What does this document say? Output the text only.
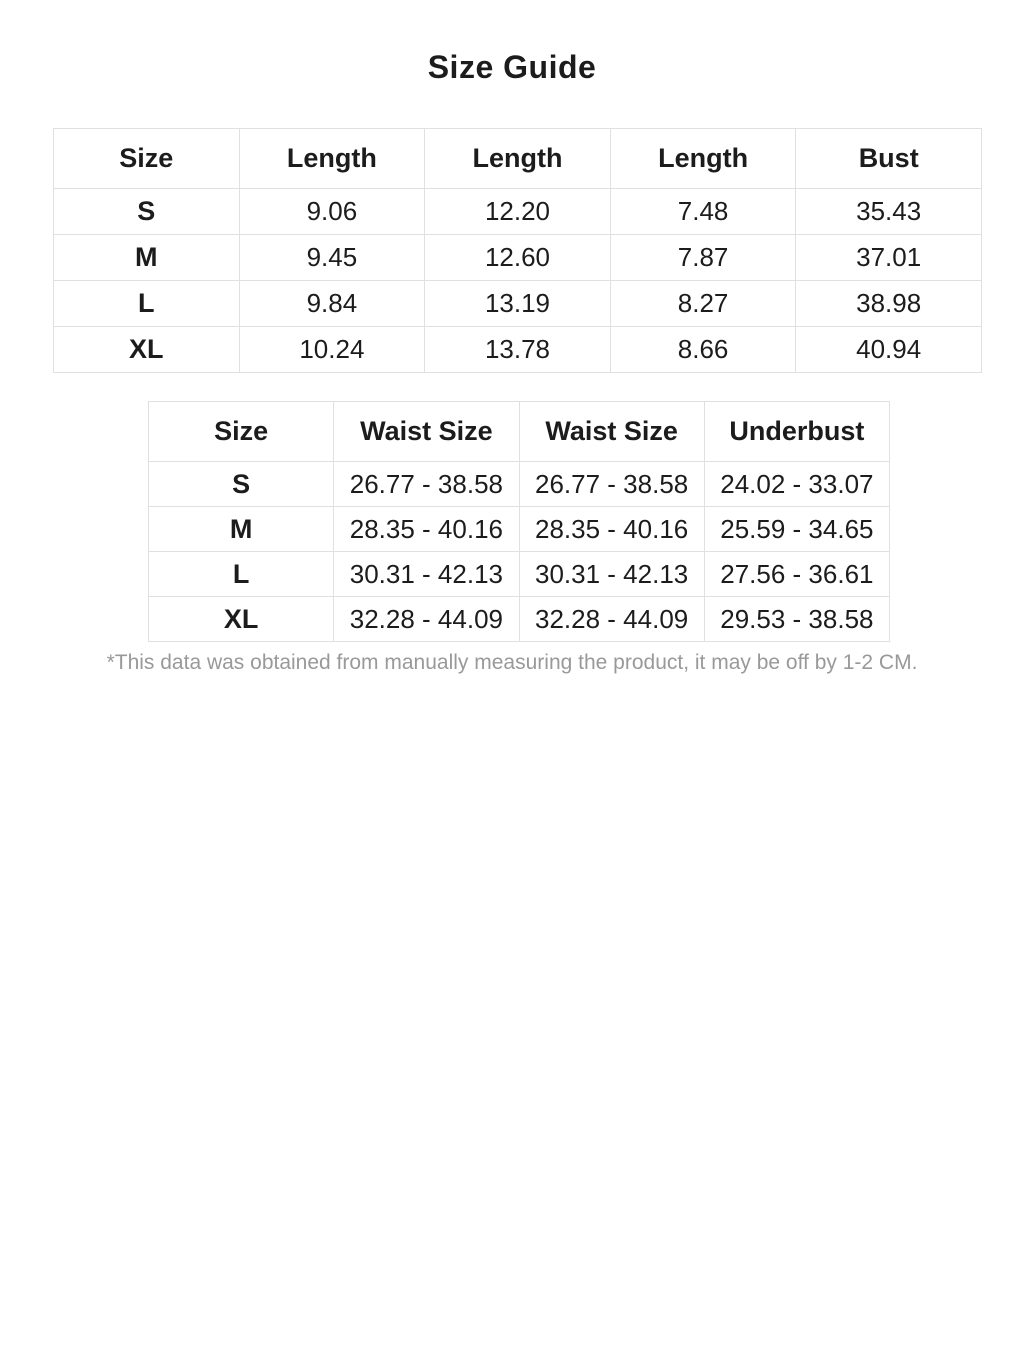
Size Guide
Size	Length	Length	Length	Bust
S	9.06	12.20	7.48	35.43
M	9.45	12.60	7.87	37.01
L	9.84	13.19	8.27	38.98
XL	10.24	13.78	8.66	40.94
Size	Waist Size	Waist Size	Underbust
S	26.77 - 38.58	26.77 - 38.58	24.02 - 33.07
M	28.35 - 40.16	28.35 - 40.16	25.59 - 34.65
L	30.31 - 42.13	30.31 - 42.13	27.56 - 36.61
XL	32.28 - 44.09	32.28 - 44.09	29.53 - 38.58

*This data was obtained from manually measuring the product, it may be off by 1-2 CM.
